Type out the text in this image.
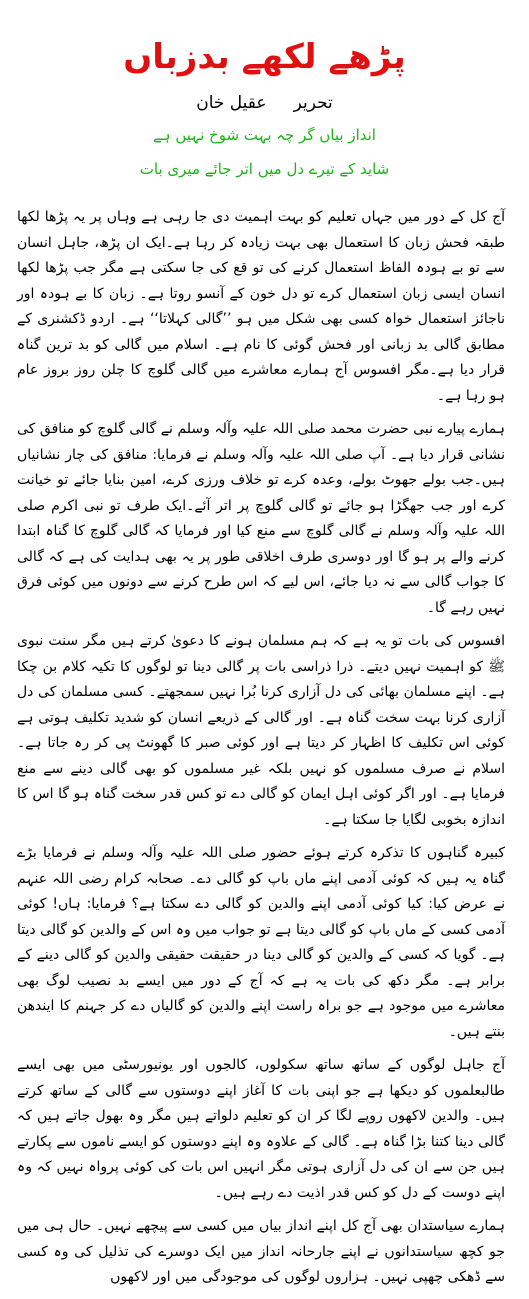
پڑھے لکھے بدزباں
تحریر     عقیل خان
انداز بیاں گر چہ بہت شوخ نہیں ہے
شاید کے تیرے دل میں اتر جائے میری بات

آج کل کے دور میں جہاں تعلیم کو بہت اہمیت دی جا رہی ہے وہاں پر یہ پڑھا لکھا طبقہ فحش زبان کا استعمال بھی بہت زیادہ کر رہا ہے۔ایک ان پڑھ، جاہل انسان سے تو بے ہودہ الفاظ استعمال کرنے کی تو قع کی جا سکتی ہے مگر جب پڑھا لکھا انسان ایسی زبان استعمال کرے تو دل خون کے آنسو روتا ہے۔ زبان کا بے ہودہ اور ناجائز استعمال خواہ کسی بھی شکل میں ہو ’’گالی کہلاتا‘‘ ہے۔ اردو ڈکشنری کے مطابق گالی بد زبانی اور فحش گوئی کا نام ہے۔ اسلام میں گالی کو بد ترین گناہ قرار دیا ہے۔مگر افسوس آج ہمارے معاشرے میں گالی گلوچ کا چلن روز بروز عام ہو رہا ہے۔

ہمارے پیارے نبی حضرت محمد صلی اللہ علیہ وآلہ وسلم نے گالی گلوچ کو منافق کی نشانی قرار دیا ہے۔ آپ صلی اللہ علیہ وآلہ وسلم نے فرمایا: منافق کی چار نشانیاں ہیں۔جب بولے جھوٹ بولے، وعدہ کرے تو خلاف ورزی کرے، امین بنایا جائے تو خیانت کرے اور جب جھگڑا ہو جائے تو گالی گلوچ پر اتر آئے۔ایک طرف تو نبی اکرم صلی اللہ علیہ وآلہ وسلم نے گالی گلوچ سے منع کیا اور فرمایا کہ گالی گلوچ کا گناہ ابتدا کرنے والے پر ہو گا اور دوسری طرف اخلاقی طور پر یہ بھی ہدایت کی ہے کہ گالی کا جواب گالی سے نہ دیا جائے، اس لیے کہ اس طرح کرنے سے دونوں میں کوئی فرق نہیں رہے گا۔

افسوس کی بات تو یہ ہے کہ ہم مسلمان ہونے کا دعویٰ کرتے ہیں مگر سنت نبوی ﷺ کو اہمیت نہیں دیتے۔ ذرا ذراسی بات پر گالی دینا تو لوگوں کا تکیہ کلام بن چکا ہے۔ اپنے مسلمان بھائی کی دل آزاری کرنا بُرا نہیں سمجھتے۔ کسی مسلمان کی دل آزاری کرنا بہت سخت گناہ ہے۔ اور گالی کے ذریعے انسان کو شدید تکلیف ہوتی ہے کوئی اس تکلیف کا اظہار کر دیتا ہے اور کوئی صبر کا گھونٹ پی کر رہ جاتا ہے۔ اسلام نے صرف مسلموں کو نہیں بلکہ غیر مسلموں کو بھی گالی دینے سے منع فرمایا ہے۔ اور اگر کوئی اہل ایمان کو گالی دے تو کس قدر سخت گناہ ہو گا اس کا اندازہ بخوبی لگایا جا سکتا ہے۔

کبیرہ گناہوں کا تذکرہ کرتے ہوئے حضور صلی اللہ علیہ وآلہ وسلم نے فرمایا بڑے گناہ یہ ہیں کہ کوئی آدمی اپنے ماں باپ کو گالی دے۔ صحابہ کرام رضی اللہ عنہم نے عرض کیا: کیا کوئی آدمی اپنے والدین کو گالی دے سکتا ہے؟ فرمایا: ہاں! کوئی آدمی کسی کے ماں باپ کو گالی دیتا ہے تو جواب میں وہ اس کے والدین کو گالی دیتا ہے۔ گویا کہ کسی کے والدین کو گالی دینا در حقیقت حقیقی والدین کو گالی دینے کے برابر ہے۔ مگر دکھ کی بات یہ ہے کہ آج کے دور میں ایسے بد نصیب لوگ بھی معاشرے میں موجود ہے جو براہ راست اپنے والدین کو گالیاں دے کر جہنم کا ایندھن بنتے ہیں۔

آج جاہل لوگوں کے ساتھ ساتھ سکولوں، کالجوں اور یونیورسٹی میں بھی ایسے طالبعلموں کو دیکھا ہے جو اپنی بات کا آغاز اپنے دوستوں سے گالی کے ساتھ کرتے ہیں۔ والدین لاکھوں روپے لگا کر ان کو تعلیم دلواتے ہیں مگر وہ بھول جاتے ہیں کہ گالی دینا کتنا بڑا گناہ ہے۔ گالی کے علاوہ وہ اپنے دوستوں کو ایسے ناموں سے پکارتے ہیں جن سے ان کی دل آزاری ہوتی مگر انہیں اس بات کی کوئی پرواہ نہیں کہ وہ اپنے دوست کے دل کو کس قدر اذیت دے رہے ہیں۔

ہمارے سیاستدان بھی آج کل اپنے انداز بیاں میں کسی سے پیچھے نہیں۔ حال ہی میں جو کچھ سیاستدانوں نے اپنے جارحانہ انداز میں ایک دوسرے کی تذلیل کی وہ کسی سے ڈھکی چھپی نہیں۔ ہزاروں لوگوں کی موجودگی میں اور لاکھوں
